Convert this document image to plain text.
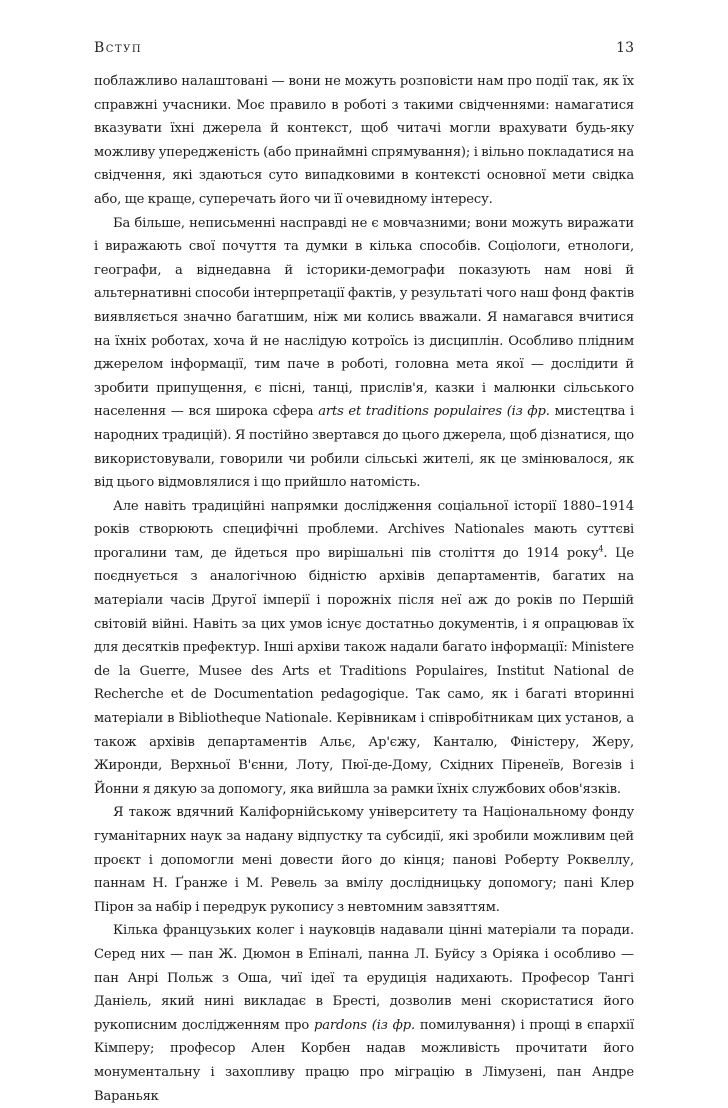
Вступ	13

поблажливо налаштовані — вони не можуть розповісти нам про події так, як їх справжні учасники. Моє правило в роботі з такими свідченнями: намагатися вказувати їхні джерела й контекст, щоб читачі могли врахувати будь-яку можливу упередженість (або принаймні спрямування); і вільно покладатися на свідчення, які здаються суто випадковими в контексті основної мети свідка або, ще краще, суперечать його чи її очевидному інтересу.

Ба більше, неписьменні насправді не є мовчазними; вони можуть виражати і виражають свої почуття та думки в кілька способів. Соціологи, етнологи, географи, а віднедавна й історики-демографи показують нам нові й альтернативні способи інтерпретації фактів, у результаті чого наш фонд фактів виявляється значно багатшим, ніж ми колись вважали. Я намагався вчитися на їхніх роботах, хоча й не наслідую котроїсь із дисциплін. Особливо плідним джерелом інформації, тим паче в роботі, головна мета якої — дослідити й зробити припущення, є пісні, танці, прислів'я, казки і малюнки сільського населення — вся широка сфера arts et traditions populaires (із фр. мистецтва і народних традицій). Я постійно звертався до цього джерела, щоб дізнатися, що використовували, говорили чи робили сільські жителі, як це змінювалося, як від цього відмовлялися і що прийшло натомість.

Але навіть традиційні напрямки дослідження соціальної історії 1880–1914 років створюють специфічні проблеми. Archives Nationales мають суттєві прогалини там, де йдеться про вирішальні пів століття до 1914 року$^4$. Це поєднується з аналогічною бідністю архівів департаментів, багатих на матеріали часів Другої імперії і порожніх після неї аж до років по Першій світовій війні. Навіть за цих умов існує достатньо документів, і я опрацював їх для десятків префектур. Інші архіви також надали багато інформації: Ministere de la Guerre, Musee des Arts et Traditions Populaires, Institut National de Recherche et de Documentation pedagogique. Так само, як і багаті вторинні матеріали в Bibliotheque Nationale. Керівникам і співробітникам цих установ, а також архівів департаментів Альє, Ар'єжу, Канталю, Фіністеру, Жеру, Жиронди, Верхньої В'єнни, Лоту, Пюї-де-Дому, Східних Піренеїв, Вогезів і Йонни я дякую за допомогу, яка вийшла за рамки їхніх службових обов'язків.

Я також вдячний Каліфорнійському університету та Національному фонду гуманітарних наук за надану відпустку та субсидії, які зробили можливим цей проєкт і допомогли мені довести його до кінця; панові Роберту Роквеллу, паннам Н. Ґранже і М. Ревель за вмілу дослідницьку допомогу; пані Клер Пірон за набір і передрук рукопису з невтомним завзяттям.

Кілька французьких колег і науковців надавали цінні матеріали та поради. Серед них — пан Ж. Дюмон в Епіналі, панна Л. Буйсу з Оріяка і особливо — пан Анрі Польж з Оша, чиї ідеї та ерудиція надихають. Професор Тангі Даніель, який нині викладає в Бресті, дозволив мені скористатися його рукописним дослідженням про pardons (із фр. помилування) і прощі в єпархії Кімперу; професор Ален Корбен надав можливість прочитати його монументальну і захопливу працю про міграцію в Лімузені, пан Андре Вараньяк
